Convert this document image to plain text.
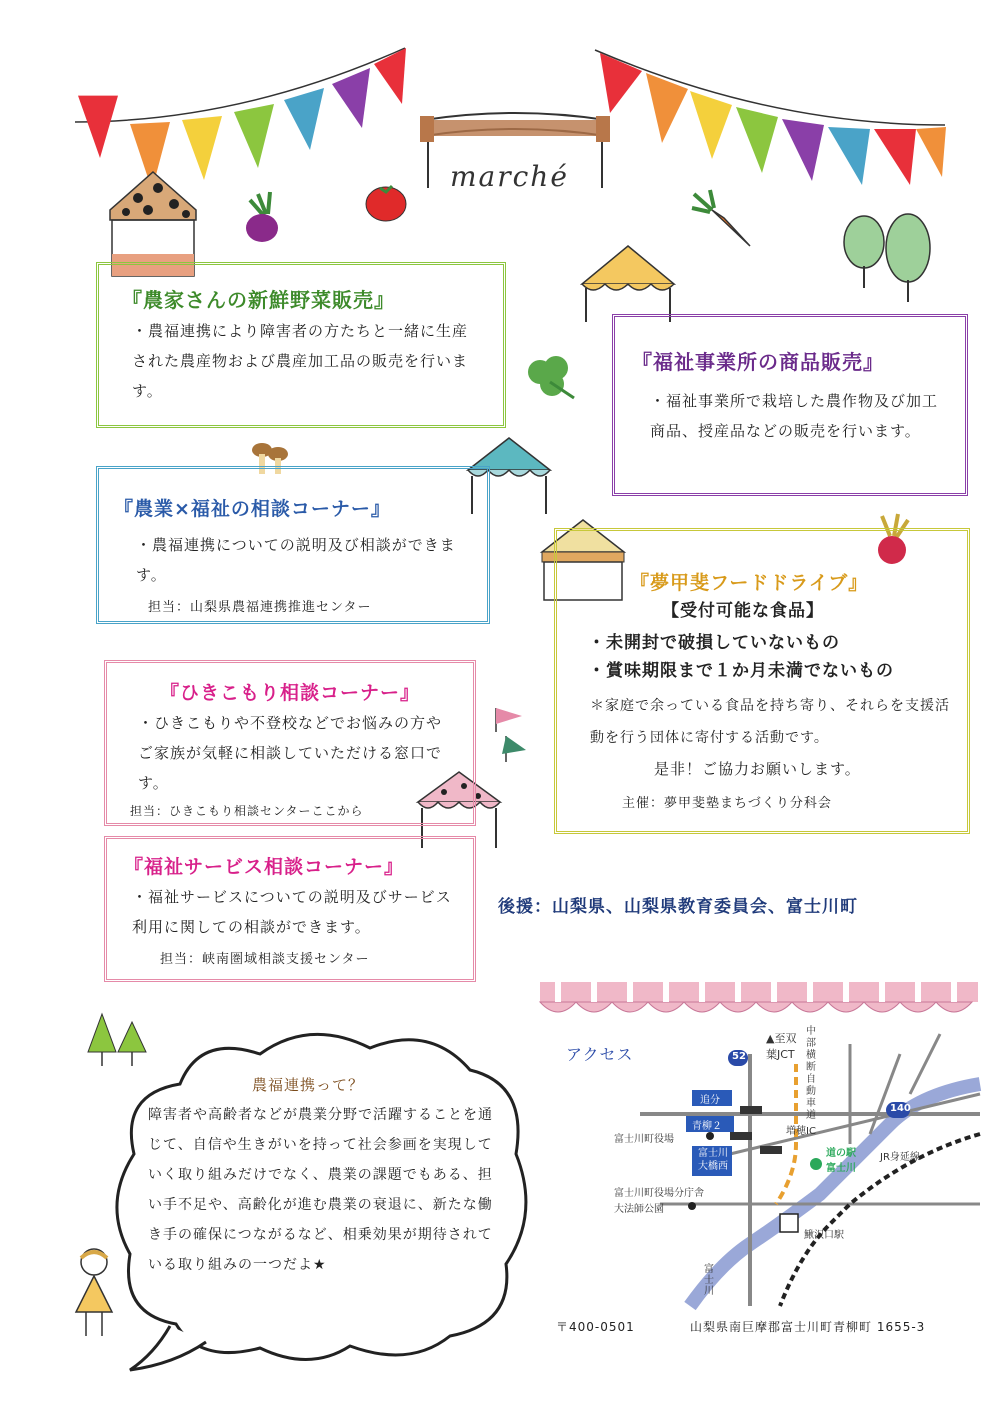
marché
『農家さんの新鮮野菜販売』
・農福連携により障害者の方たちと一緒に生産された農産物および農産加工品の販売を行います。
『福祉事業所の商品販売』
・福祉事業所で栽培した農作物及び加工商品、授産品などの販売を行います。
『農業×福祉の相談コーナー』
・農福連携についての説明及び相談ができます。
担当：山梨県農福連携推進センター
『夢甲斐フードドライブ』
【受付可能な食品】
・未開封で破損していないもの
・賞味期限まで１か月未満でないもの
＊家庭で余っている食品を持ち寄り、それらを支援活動を行う団体に寄付する活動です。
是非！ご協力お願いします。
主催：夢甲斐塾まちづくり分科会
『ひきこもり相談コーナー』
・ひきこもりや不登校などでお悩みの方やご家族が気軽に相談していただける窓口です。
担当：ひきこもり相談センターここから
『福祉サービス相談コーナー』
・福祉サービスについての説明及びサービス利用に関しての相談ができます。
担当：峡南圏域相談支援センター
後援：山梨県、山梨県教育委員会、富士川町
農福連携って？
障害者や高齢者などが農業分野で活躍することを通じて、自信や生きがいを持って社会参画を実現していく取り組みだけでなく、農業の課題でもある、担い手不足や、高齢化が進む農業の衰退に、新たな働き手の確保につながるなど、相乗効果が期待されている取り組みの一つだよ★
アクセス	52
140
▲至双葉JCT
中部横断自動車道
追分
青柳２
富士川大橋西
富士川町役場
富士川町役場分庁舎
大法師公園
道の駅富士川
増穂IC
JR身延線
鰍沢口駅
富士川
〒400-0501	山梨県南巨摩郡富士川町青柳町 1655-3
